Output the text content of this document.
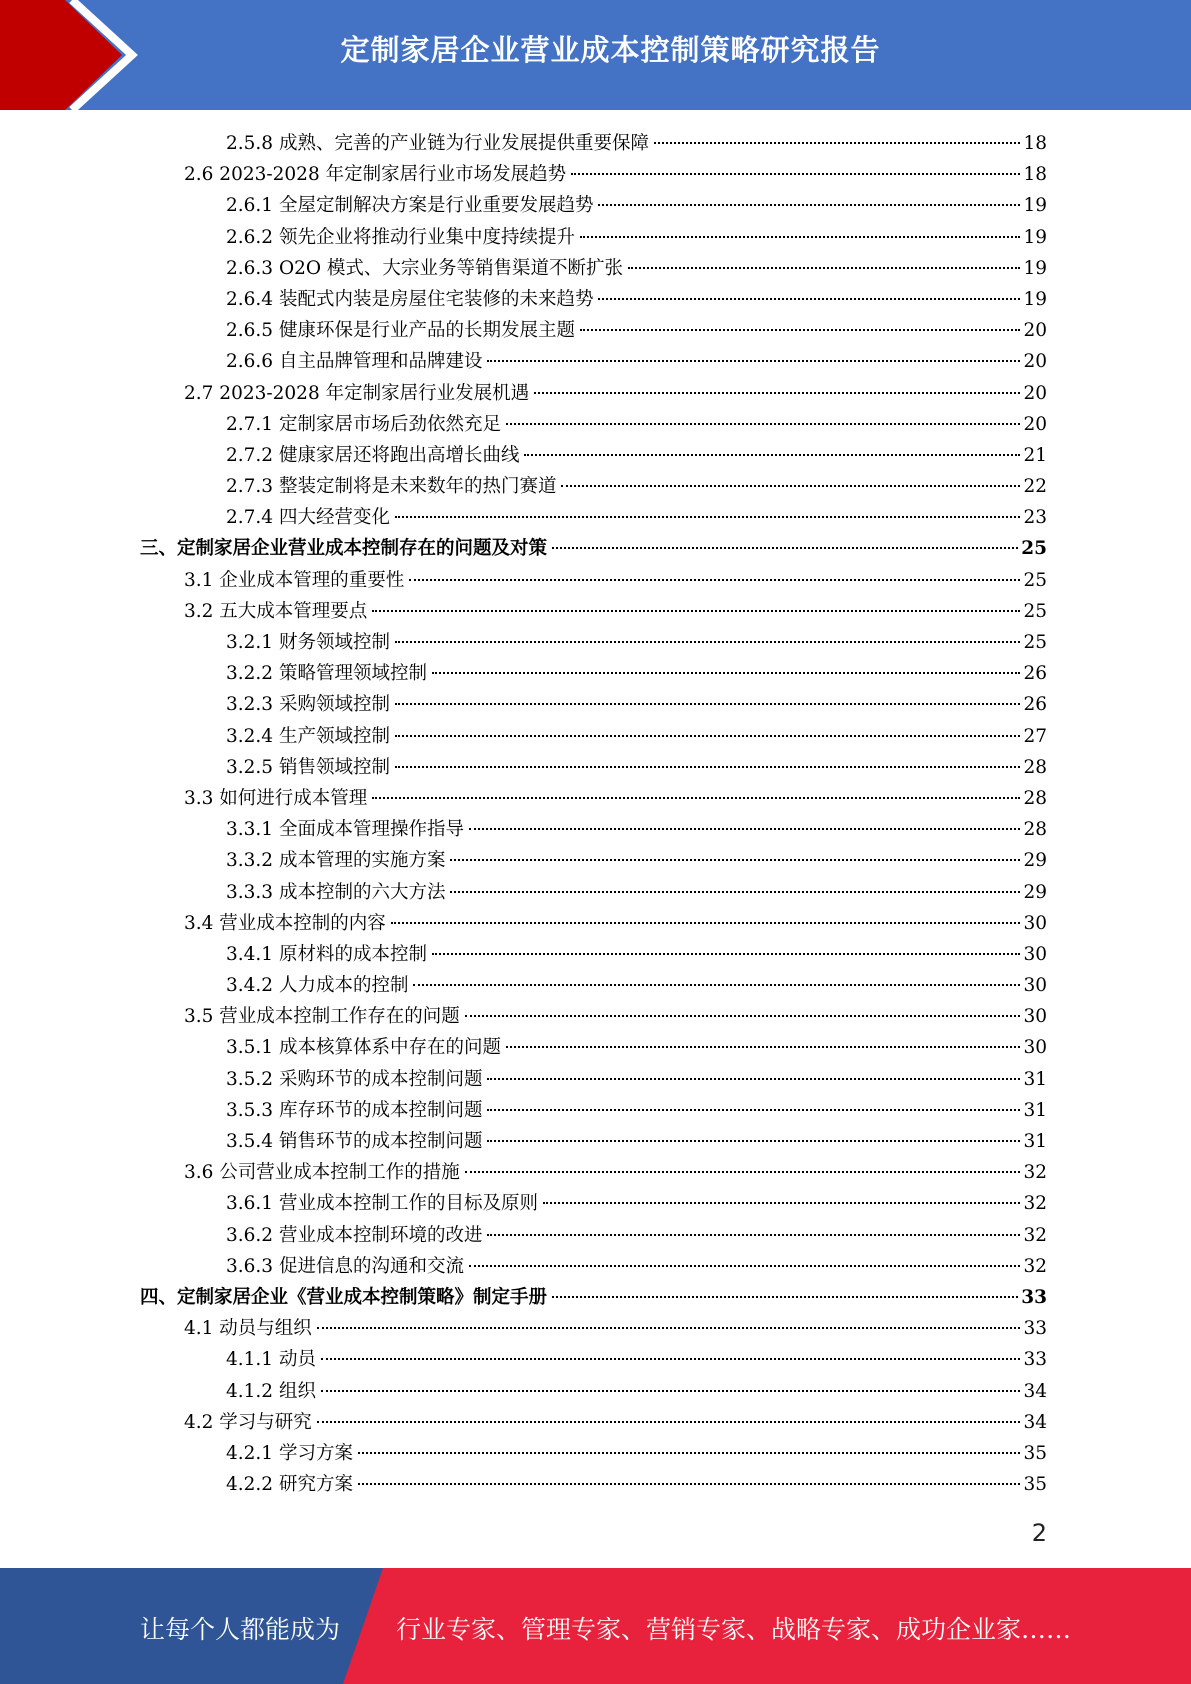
定制家居企业营业成本控制策略研究报告
2.5.8 成熟、完善的产业链为行业发展提供重要保障	18
2.6 2023-2028 年定制家居行业市场发展趋势	18
2.6.1 全屋定制解决方案是行业重要发展趋势	19
2.6.2 领先企业将推动行业集中度持续提升	19
2.6.3 O2O 模式、大宗业务等销售渠道不断扩张	19
2.6.4 装配式内装是房屋住宅装修的未来趋势	19
2.6.5 健康环保是行业产品的长期发展主题	20
2.6.6 自主品牌管理和品牌建设	20
2.7 2023-2028 年定制家居行业发展机遇	20
2.7.1 定制家居市场后劲依然充足	20
2.7.2 健康家居还将跑出高增长曲线	21
2.7.3 整装定制将是未来数年的热门赛道	22
2.7.4 四大经营变化	23
三、定制家居企业营业成本控制存在的问题及对策	25
3.1 企业成本管理的重要性	25
3.2 五大成本管理要点	25
3.2.1 财务领域控制	25
3.2.2 策略管理领域控制	26
3.2.3 采购领域控制	26
3.2.4 生产领域控制	27
3.2.5 销售领域控制	28
3.3 如何进行成本管理	28
3.3.1 全面成本管理操作指导	28
3.3.2 成本管理的实施方案	29
3.3.3 成本控制的六大方法	29
3.4 营业成本控制的内容	30
3.4.1 原材料的成本控制	30
3.4.2 人力成本的控制	30
3.5 营业成本控制工作存在的问题	30
3.5.1 成本核算体系中存在的问题	30
3.5.2 采购环节的成本控制问题	31
3.5.3 库存环节的成本控制问题	31
3.5.4 销售环节的成本控制问题	31
3.6 公司营业成本控制工作的措施	32
3.6.1 营业成本控制工作的目标及原则	32
3.6.2 营业成本控制环境的改进	32
3.6.3 促进信息的沟通和交流	32
四、定制家居企业《营业成本控制策略》制定手册	33
4.1 动员与组织	33
4.1.1 动员	33
4.1.2 组织	34
4.2 学习与研究	34
4.2.1 学习方案	35
4.2.2 研究方案	35
2
让每个人都能成为 行业专家、管理专家、营销专家、战略专家、成功企业家……
